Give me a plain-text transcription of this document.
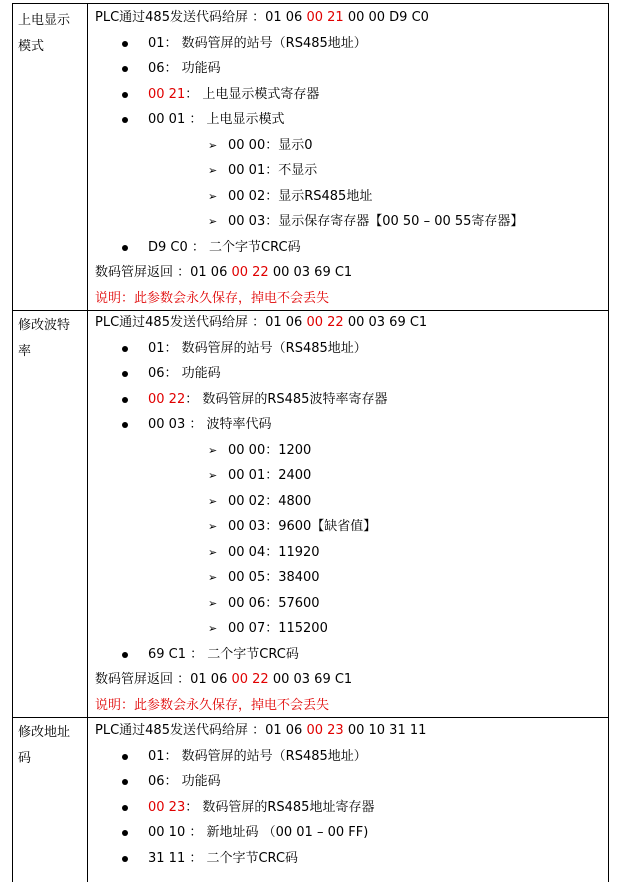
上电显示模式
修改波特率
修改地址码
PLC通过485发送代码给屏 ：01 06 00 21 00 00 D9 C0
01： 数码管屏的站号（RS485地址）
06： 功能码
00 21： 上电显示模式寄存器
00 01 ： 上电显示模式
➢ 00 00：显示0
➢ 00 01：不显示
➢ 00 02：显示RS485地址
➢ 00 03：显示保存寄存器【00 50 – 00 55寄存器】
D9 C0 ： 二个字节CRC码
数码管屏返回 ：01 06 00 22 00 03 69 C1
说明：此参数会永久保存，掉电不会丢失
PLC通过485发送代码给屏 ：01 06 00 22 00 03 69 C1
01： 数码管屏的站号（RS485地址）
06： 功能码
00 22： 数码管屏的RS485波特率寄存器
00 03 ： 波特率代码
➢ 00 00：1200
➢ 00 01：2400
➢ 00 02：4800
➢ 00 03：9600【缺省值】
➢ 00 04：11920
➢ 00 05：38400
➢ 00 06：57600
➢ 00 07：115200
69 C1 ： 二个字节CRC码
数码管屏返回 ：01 06 00 22 00 03 69 C1
说明：此参数会永久保存，掉电不会丢失
PLC通过485发送代码给屏 ：01 06 00 23 00 10 31 11
01： 数码管屏的站号（RS485地址）
06： 功能码
00 23： 数码管屏的RS485地址寄存器
00 10 ： 新地址码 （00 01 – 00 FF)
31 11 ： 二个字节CRC码
